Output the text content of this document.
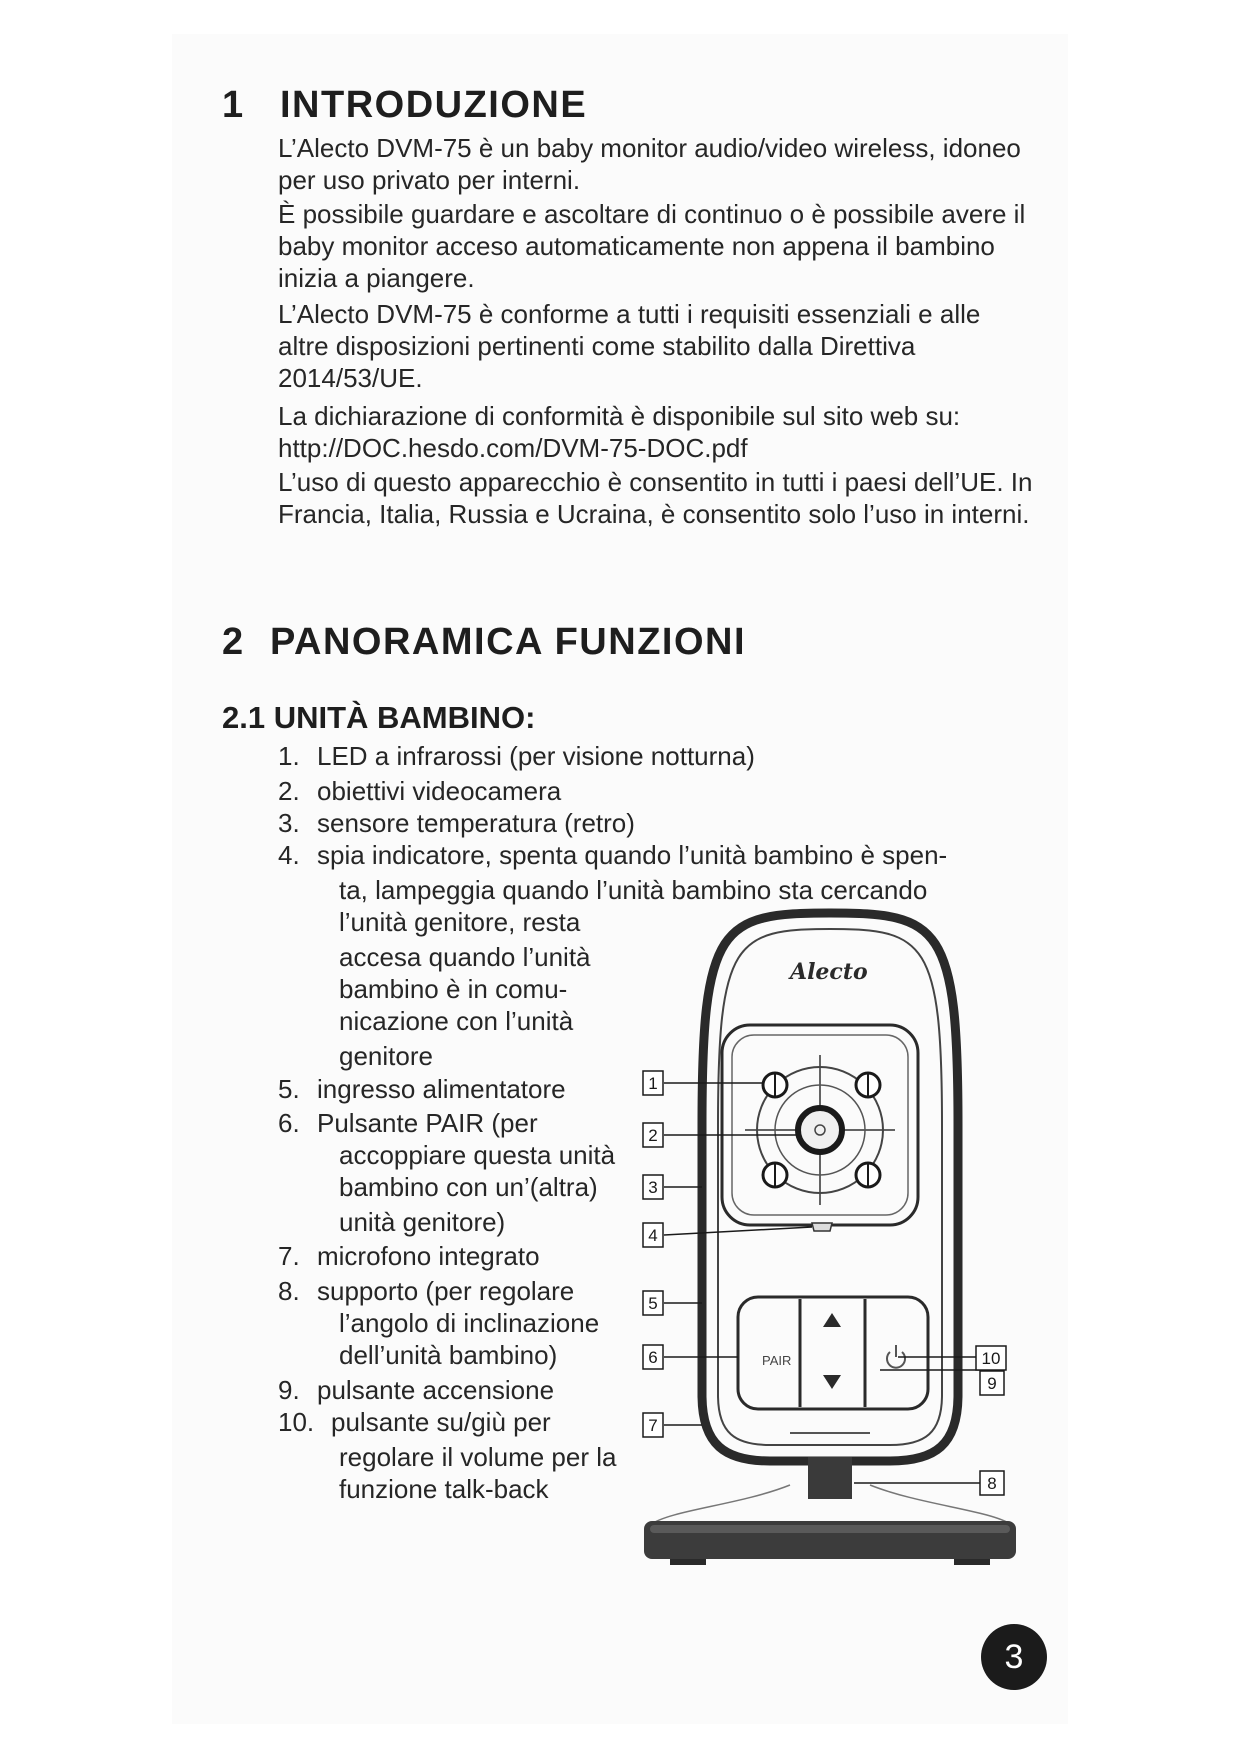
1 INTRODUZIONE

L’Alecto DVM-75 è un baby monitor audio/video wireless, idoneo per uso privato per interni.

È possibile guardare e ascoltare di continuo o è possibile avere il baby monitor acceso automaticamente non appena il bambino inizia a piangere.

L’Alecto DVM-75 è conforme a tutti i requisiti essenziali e alle altre disposizioni pertinenti come stabilito dalla Direttiva 2014/53/UE.

La dichiarazione di conformità è disponibile sul sito web su: http://DOC.hesdo.com/DVM-75-DOC.pdf

L’uso di questo apparecchio è consentito in tutti i paesi dell’UE. In Francia, Italia, Russia e Ucraina, è consentito solo l’uso in interni.

2 PANORAMICA FUNZIONI
2.1 UNITÀ BAMBINO:

1. LED a infrarossi (per visione notturna)

2. obiettivi videocamera

3. sensore temperatura (retro)

4. spia indicatore, spenta quando l’unità bambino è spen-

ta, lampeggia quando l’unità bambino sta cercando

l’unità genitore, resta

accesa quando l’unità

bambino è in comu-

nicazione con l’unità

genitore

5. ingresso alimentatore

6. Pulsante PAIR (per

accoppiare questa unità

bambino con un’(altra)

unità genitore)

7. microfono integrato

8. supporto (per regolare

l’angolo di inclinazione

dell’unità bambino)

9. pulsante accensione

10. pulsante su/giù per

regolare il volume per la

funzione talk-back

Alecto
PAIR
1
2
3
4
5
6
7
8
9
10
3
